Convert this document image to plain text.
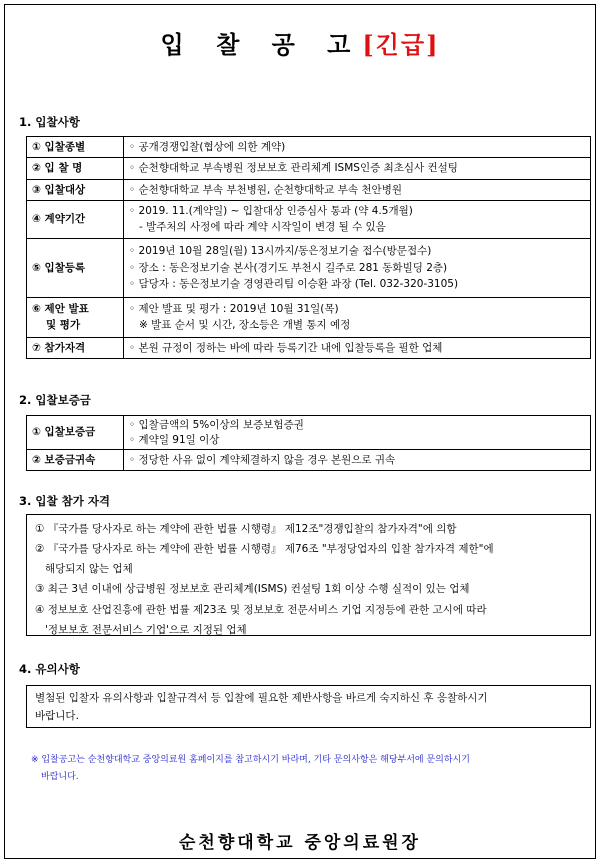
입 찰 공 고[긴급]
1. 입찰사항
① 입찰종별	◦ 공개경쟁입찰(협상에 의한 계약)

② 입 찰 명	◦ 순천향대학교 부속병원 정보보호 관리체계 ISMS인증 최초심사 컨설팅

③ 입찰대상	◦ 순천향대학교 부속 부천병원, 순천향대학교 부속 천안병원

④ 계약기간	◦ 2019. 11.(계약일) ~ 입찰대상 인증심사 통과 (약 4.5개월)
- 발주처의 사정에 따라 계약 시작일이 변경 될 수 있음

⑤ 입찰등록	◦ 2019년 10월 28일(월) 13시까지/동은정보기술 접수(방문접수)
◦ 장소 : 동은정보기술 본사(경기도 부천시 길주로 281 동화빌딩 2층)
◦ 담당자 : 동은정보기술 경영관리팀 이승환 과장 (Tel. 032-320-3105)

⑥ 제안 발표
및 평가	◦ 제안 발표 및 평가 : 2019년 10월 31일(목)
※ 발표 순서 및 시간, 장소등은 개별 통지 예정

⑦ 참가자격	◦ 본원 규정이 정하는 바에 따라 등록기간 내에 입찰등록을 필한 업체
2. 입찰보증금
① 입찰보증금	◦ 입찰금액의 5%이상의 보증보험증권
◦ 계약일 91일 이상

② 보증금귀속	◦ 정당한 사유 없이 계약체결하지 않을 경우 본원으로 귀속
3. 입찰 참가 자격
① 『국가를 당사자로 하는 계약에 관한 법률 시행령』 제12조"경쟁입찰의 참가자격"에 의함
② 『국가를 당사자로 하는 계약에 관한 법률 시행령』 제76조 "부정당업자의 입찰 참가자격 제한"에
해당되지 않는 업체
③ 최근 3년 이내에 상급병원 정보보호 관리체계(ISMS) 컨설팅 1회 이상 수행 실적이 있는 업체
④ 정보보호 산업진흥에 관한 법률 제23조 및 정보보호 전문서비스 기업 지정등에 관한 고시에 따라
'정보보호 전문서비스 기업'으로 지정된 업체
4. 유의사항
별첨된 입찰자 유의사항과 입찰규격서 등 입찰에 필요한 제반사항을 바르게 숙지하신 후 응찰하시기
바랍니다.
※ 입찰공고는 순천향대학교 중앙의료원 홈페이지를 참고하시기 바라며, 기타 문의사항은 해당부서에 문의하시기
바랍니다.
순천향대학교 중앙의료원장
